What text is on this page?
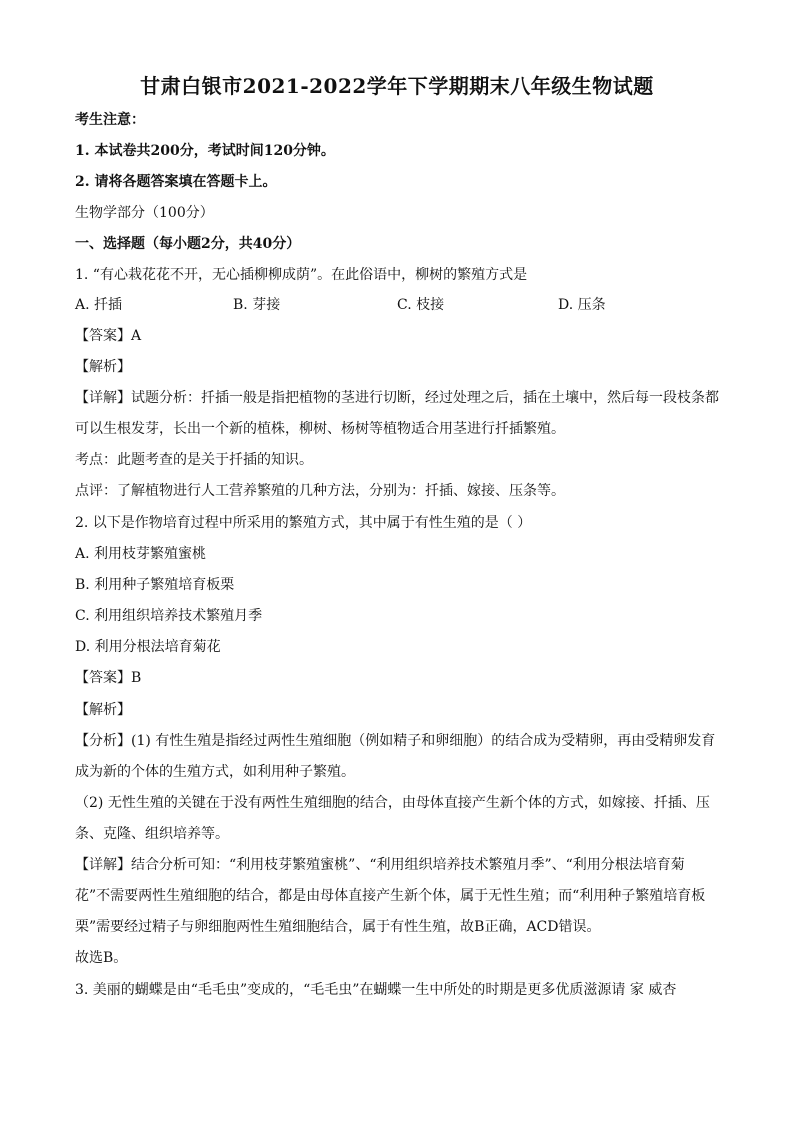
甘肃白银市2021-2022学年下学期期末八年级生物试题
考生注意：
1. 本试卷共200分，考试时间120分钟。
2. 请将各题答案填在答题卡上。
生物学部分（100分）
一、选择题（每小题2分，共40分）
1. “有心栽花花不开，无心插柳柳成荫”。在此俗语中，柳树的繁殖方式是
A. 扦插	B. 芽接	C. 枝接	D. 压条
【答案】A
【解析】
【详解】试题分析：扦插一般是指把植物的茎进行切断，经过处理之后，插在土壤中，然后每一段枝条都
可以生根发芽，长出一个新的植株，柳树、杨树等植物适合用茎进行扦插繁殖。
考点：此题考查的是关于扦插的知识。
点评：了解植物进行人工营养繁殖的几种方法，分别为：扦插、嫁接、压条等。
2. 以下是作物培育过程中所采用的繁殖方式，其中属于有性生殖的是（ ）
A. 利用枝芽繁殖蜜桃
B. 利用种子繁殖培育板栗
C. 利用组织培养技术繁殖月季
D. 利用分根法培育菊花
【答案】B
【解析】
【分析】(1) 有性生殖是指经过两性生殖细胞（例如精子和卵细胞）的结合成为受精卵，再由受精卵发育
成为新的个体的生殖方式，如利用种子繁殖。
（2) 无性生殖的关键在于没有两性生殖细胞的结合，由母体直接产生新个体的方式，如嫁接、扦插、压
条、克隆、组织培养等。
【详解】结合分析可知：“利用枝芽繁殖蜜桃”、“利用组织培养技术繁殖月季”、“利用分根法培育菊
花”不需要两性生殖细胞的结合，都是由母体直接产生新个体，属于无性生殖；而“利用种子繁殖培育板
栗”需要经过精子与卵细胞两性生殖细胞结合，属于有性生殖，故B正确，ACD错误。
故选B。
3. 美丽的蝴蝶是由“毛毛虫”变成的，“毛毛虫”在蝴蝶一生中所处的时期是更多优质滋源请 家 威杏
